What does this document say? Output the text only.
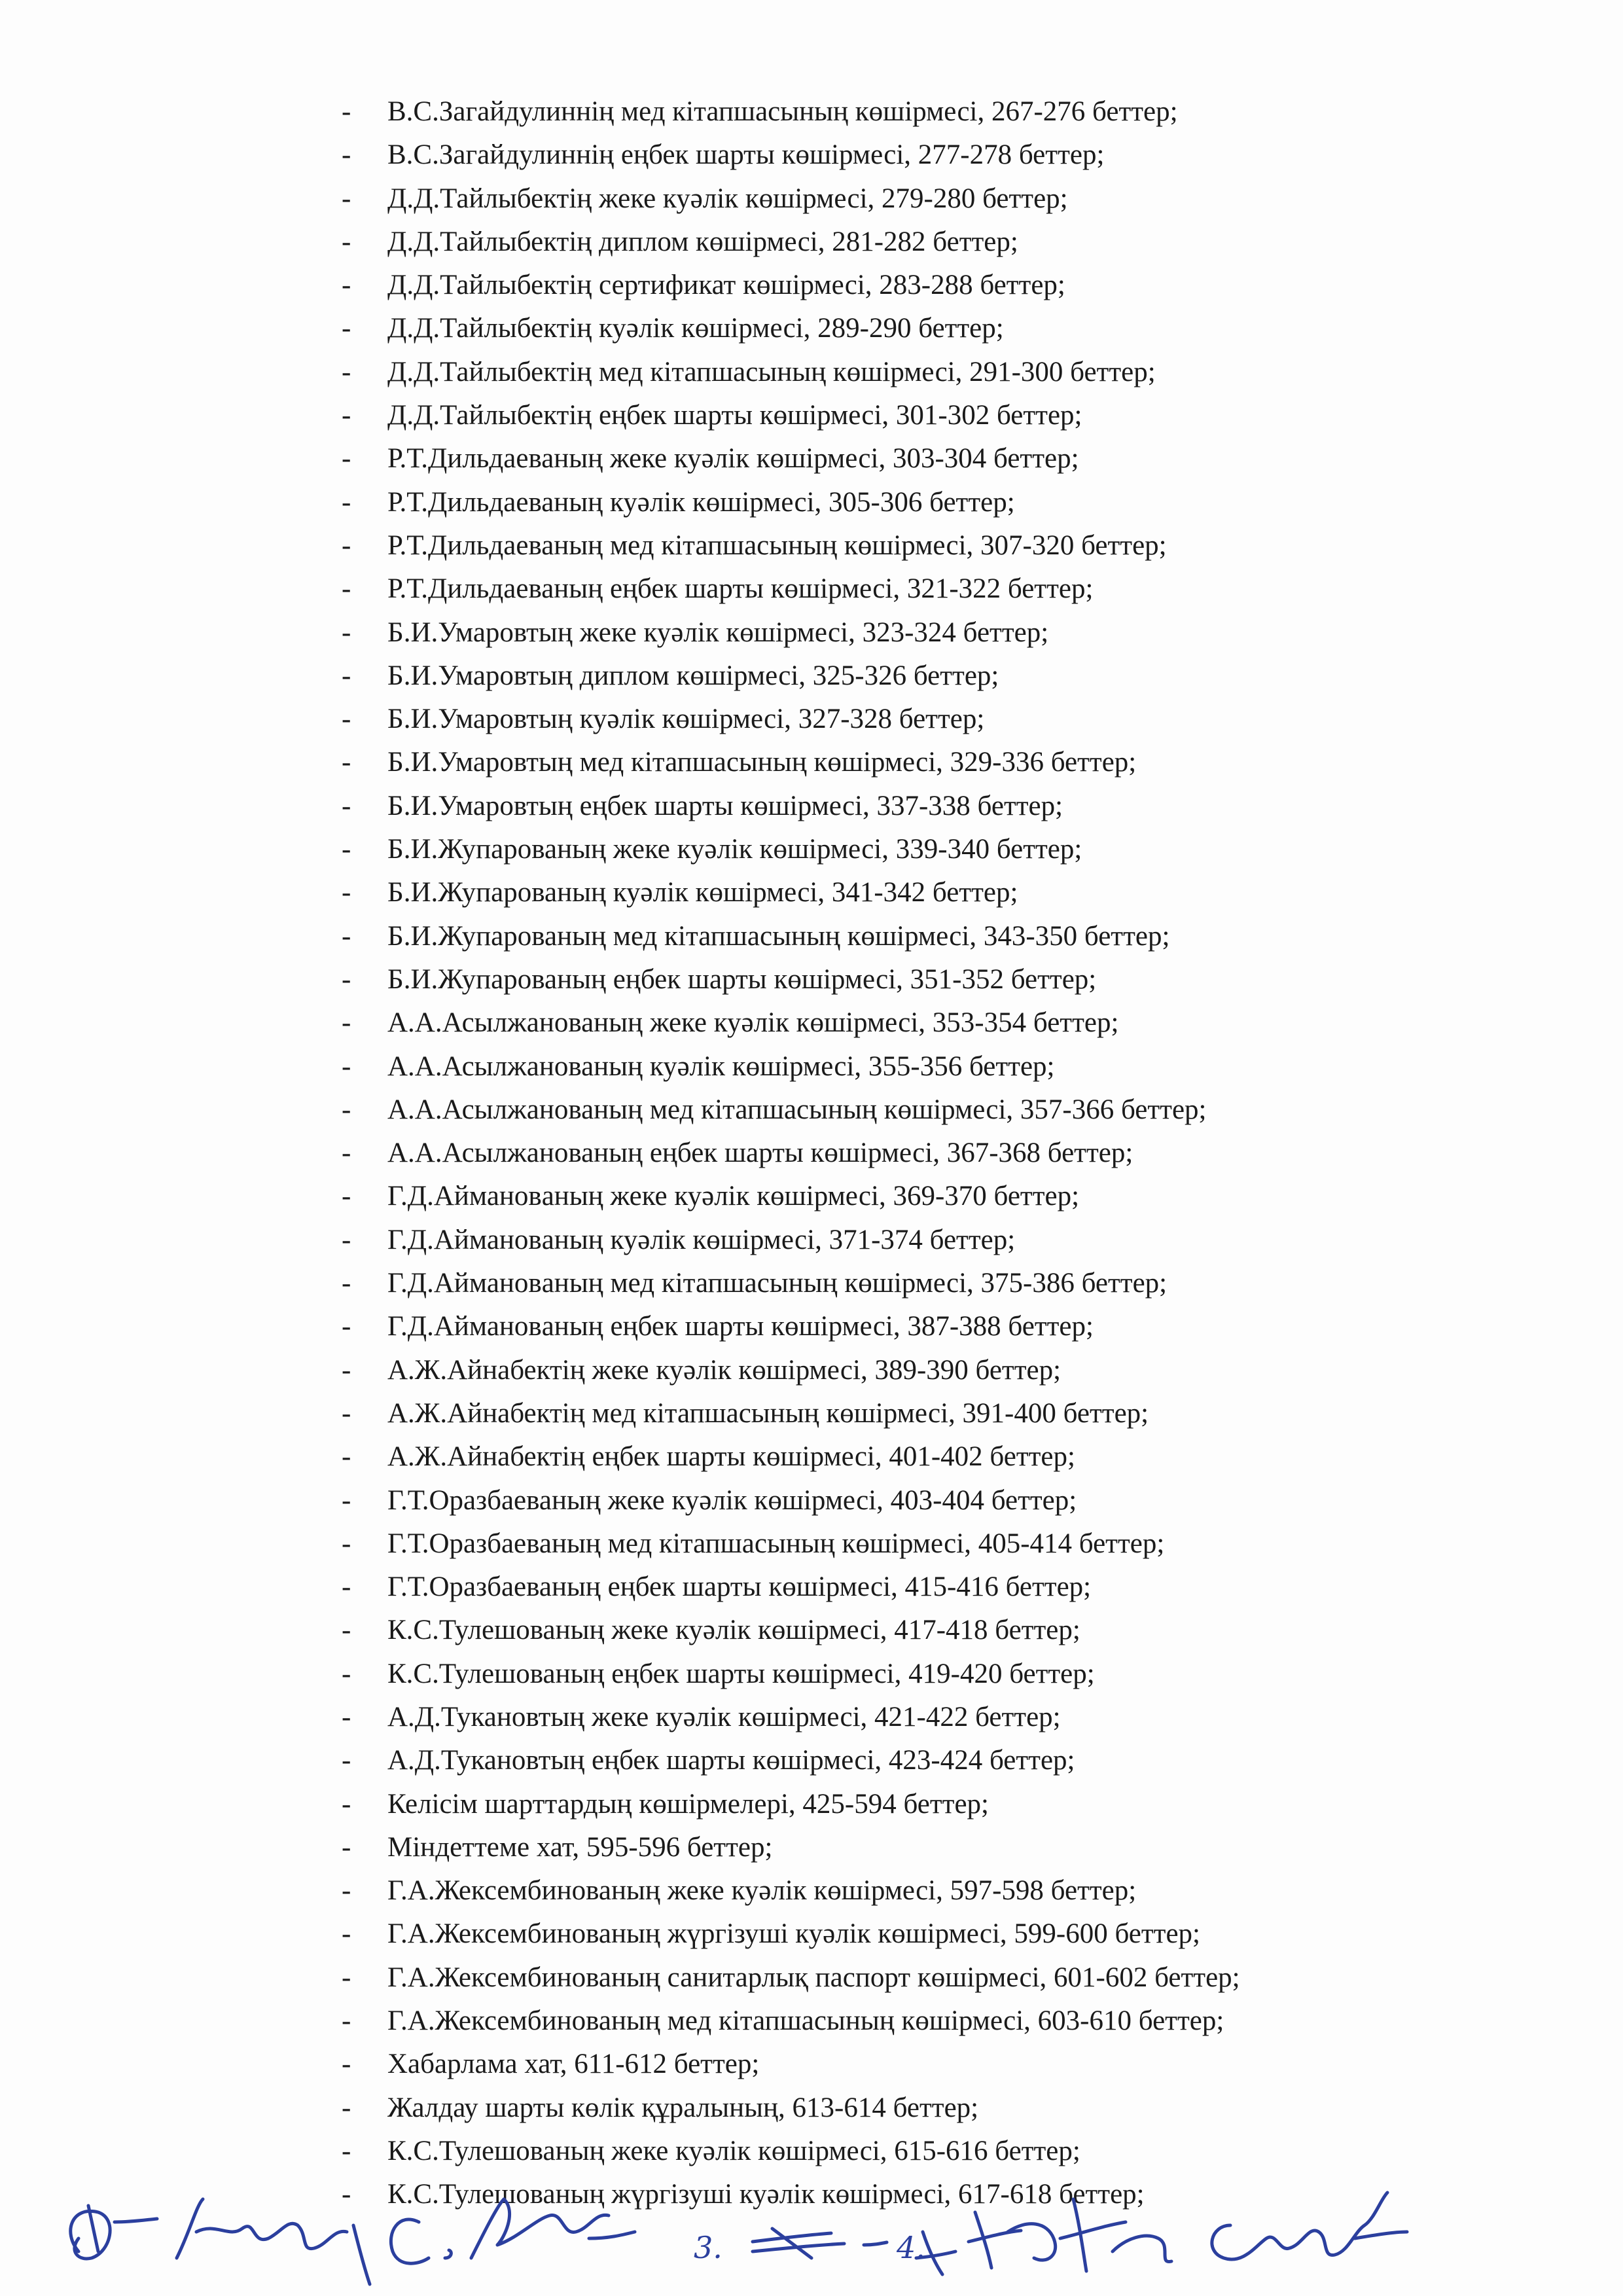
-	В.С.Загайдулиннің мед кітапшасының көшірмесі, 267-276 беттер;
-	В.С.Загайдулиннің еңбек шарты көшірмесі, 277-278 беттер;
-	Д.Д.Тайлыбектің жеке куәлік көшірмесі, 279-280 беттер;
-	Д.Д.Тайлыбектің диплом көшірмесі, 281-282 беттер;
-	Д.Д.Тайлыбектің сертификат көшірмесі, 283-288 беттер;
-	Д.Д.Тайлыбектің куәлік көшірмесі, 289-290 беттер;
-	Д.Д.Тайлыбектің мед кітапшасының көшірмесі, 291-300 беттер;
-	Д.Д.Тайлыбектің еңбек шарты көшірмесі, 301-302 беттер;
-	Р.Т.Дильдаеваның жеке куәлік көшірмесі, 303-304 беттер;
-	Р.Т.Дильдаеваның куәлік көшірмесі, 305-306 беттер;
-	Р.Т.Дильдаеваның мед кітапшасының көшірмесі, 307-320 беттер;
-	Р.Т.Дильдаеваның еңбек шарты көшірмесі, 321-322 беттер;
-	Б.И.Умаровтың жеке куәлік көшірмесі, 323-324 беттер;
-	Б.И.Умаровтың диплом көшірмесі, 325-326 беттер;
-	Б.И.Умаровтың куәлік көшірмесі, 327-328 беттер;
-	Б.И.Умаровтың мед кітапшасының көшірмесі, 329-336 беттер;
-	Б.И.Умаровтың еңбек шарты көшірмесі, 337-338 беттер;
-	Б.И.Жупарованың жеке куәлік көшірмесі, 339-340 беттер;
-	Б.И.Жупарованың куәлік көшірмесі, 341-342 беттер;
-	Б.И.Жупарованың мед кітапшасының көшірмесі, 343-350 беттер;
-	Б.И.Жупарованың еңбек шарты көшірмесі, 351-352 беттер;
-	А.А.Асылжанованың жеке куәлік көшірмесі, 353-354 беттер;
-	А.А.Асылжанованың куәлік көшірмесі, 355-356 беттер;
-	А.А.Асылжанованың мед кітапшасының көшірмесі, 357-366 беттер;
-	А.А.Асылжанованың еңбек шарты көшірмесі, 367-368 беттер;
-	Г.Д.Аймановaның жеке куәлік көшірмесі, 369-370 беттер;
-	Г.Д.Аймановaның куәлік көшірмесі, 371-374 беттер;
-	Г.Д.Аймановaның мед кітапшасының көшірмесі, 375-386 беттер;
-	Г.Д.Аймановaның еңбек шарты көшірмесі, 387-388 беттер;
-	А.Ж.Айнабектің жеке куәлік көшірмесі, 389-390 беттер;
-	А.Ж.Айнабектің мед кітапшасының көшірмесі, 391-400 беттер;
-	А.Ж.Айнабектің еңбек шарты көшірмесі, 401-402 беттер;
-	Г.Т.Оразбаеваның жеке куәлік көшірмесі, 403-404 беттер;
-	Г.Т.Оразбаеваның мед кітапшасының көшірмесі, 405-414 беттер;
-	Г.Т.Оразбаеваның еңбек шарты көшірмесі, 415-416 беттер;
-	К.С.Тулешованың жеке куәлік көшірмесі, 417-418 беттер;
-	К.С.Тулешованың еңбек шарты көшірмесі, 419-420 беттер;
-	А.Д.Тукановтың жеке куәлік көшірмесі, 421-422 беттер;
-	А.Д.Тукановтың еңбек шарты көшірмесі, 423-424 беттер;
-	Келісім шарттардың көшірмелері, 425-594 беттер;
-	Міндеттеме хат, 595-596 беттер;
-	Г.А.Жексембинованың жеке куәлік көшірмесі, 597-598 беттер;
-	Г.А.Жексембинованың жүргізуші куәлік көшірмесі, 599-600 беттер;
-	Г.А.Жексембинованың санитарлық паспорт көшірмесі, 601-602 беттер;
-	Г.А.Жексембинованың мед кітапшасының көшірмесі, 603-610 беттер;
-	Хабарлама хат, 611-612 беттер;
-	Жалдау шарты көлік құралының, 613-614 беттер;
-	К.С.Тулешованың жеке куәлік көшірмесі, 615-616 беттер;
-	К.С.Тулешованың жүргізуші куәлік көшірмесі, 617-618 беттер;
3.	4.
